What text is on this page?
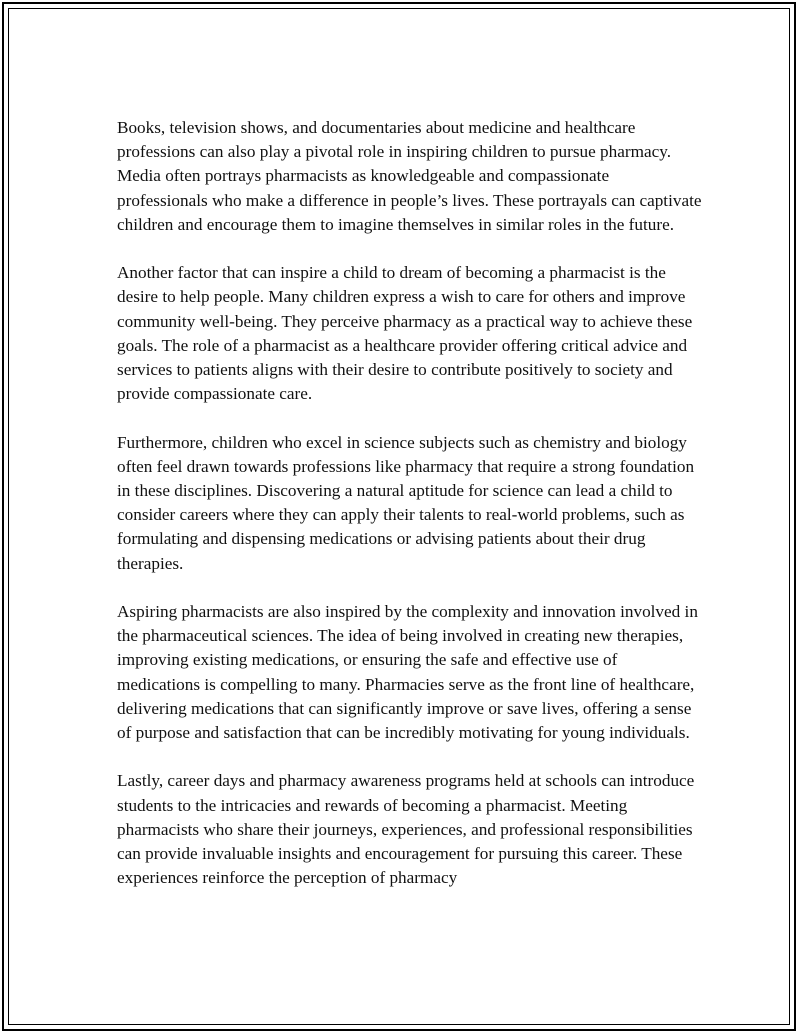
Books, television shows, and documentaries about medicine and healthcare professions can also play a pivotal role in inspiring children to pursue pharmacy. Media often portrays pharmacists as knowledgeable and compassionate professionals who make a difference in people’s lives. These portrayals can captivate children and encourage them to imagine themselves in similar roles in the future.

Another factor that can inspire a child to dream of becoming a pharmacist is the desire to help people. Many children express a wish to care for others and improve community well-being. They perceive pharmacy as a practical way to achieve these goals. The role of a pharmacist as a healthcare provider offering critical advice and services to patients aligns with their desire to contribute positively to society and provide compassionate care.

Furthermore, children who excel in science subjects such as chemistry and biology often feel drawn towards professions like pharmacy that require a strong foundation in these disciplines. Discovering a natural aptitude for science can lead a child to consider careers where they can apply their talents to real-world problems, such as formulating and dispensing medications or advising patients about their drug therapies.

Aspiring pharmacists are also inspired by the complexity and innovation involved in the pharmaceutical sciences. The idea of being involved in creating new therapies, improving existing medications, or ensuring the safe and effective use of medications is compelling to many. Pharmacies serve as the front line of healthcare, delivering medications that can significantly improve or save lives, offering a sense of purpose and satisfaction that can be incredibly motivating for young individuals.

Lastly, career days and pharmacy awareness programs held at schools can introduce students to the intricacies and rewards of becoming a pharmacist. Meeting pharmacists who share their journeys, experiences, and professional responsibilities can provide invaluable insights and encouragement for pursuing this career. These experiences reinforce the perception of pharmacy
